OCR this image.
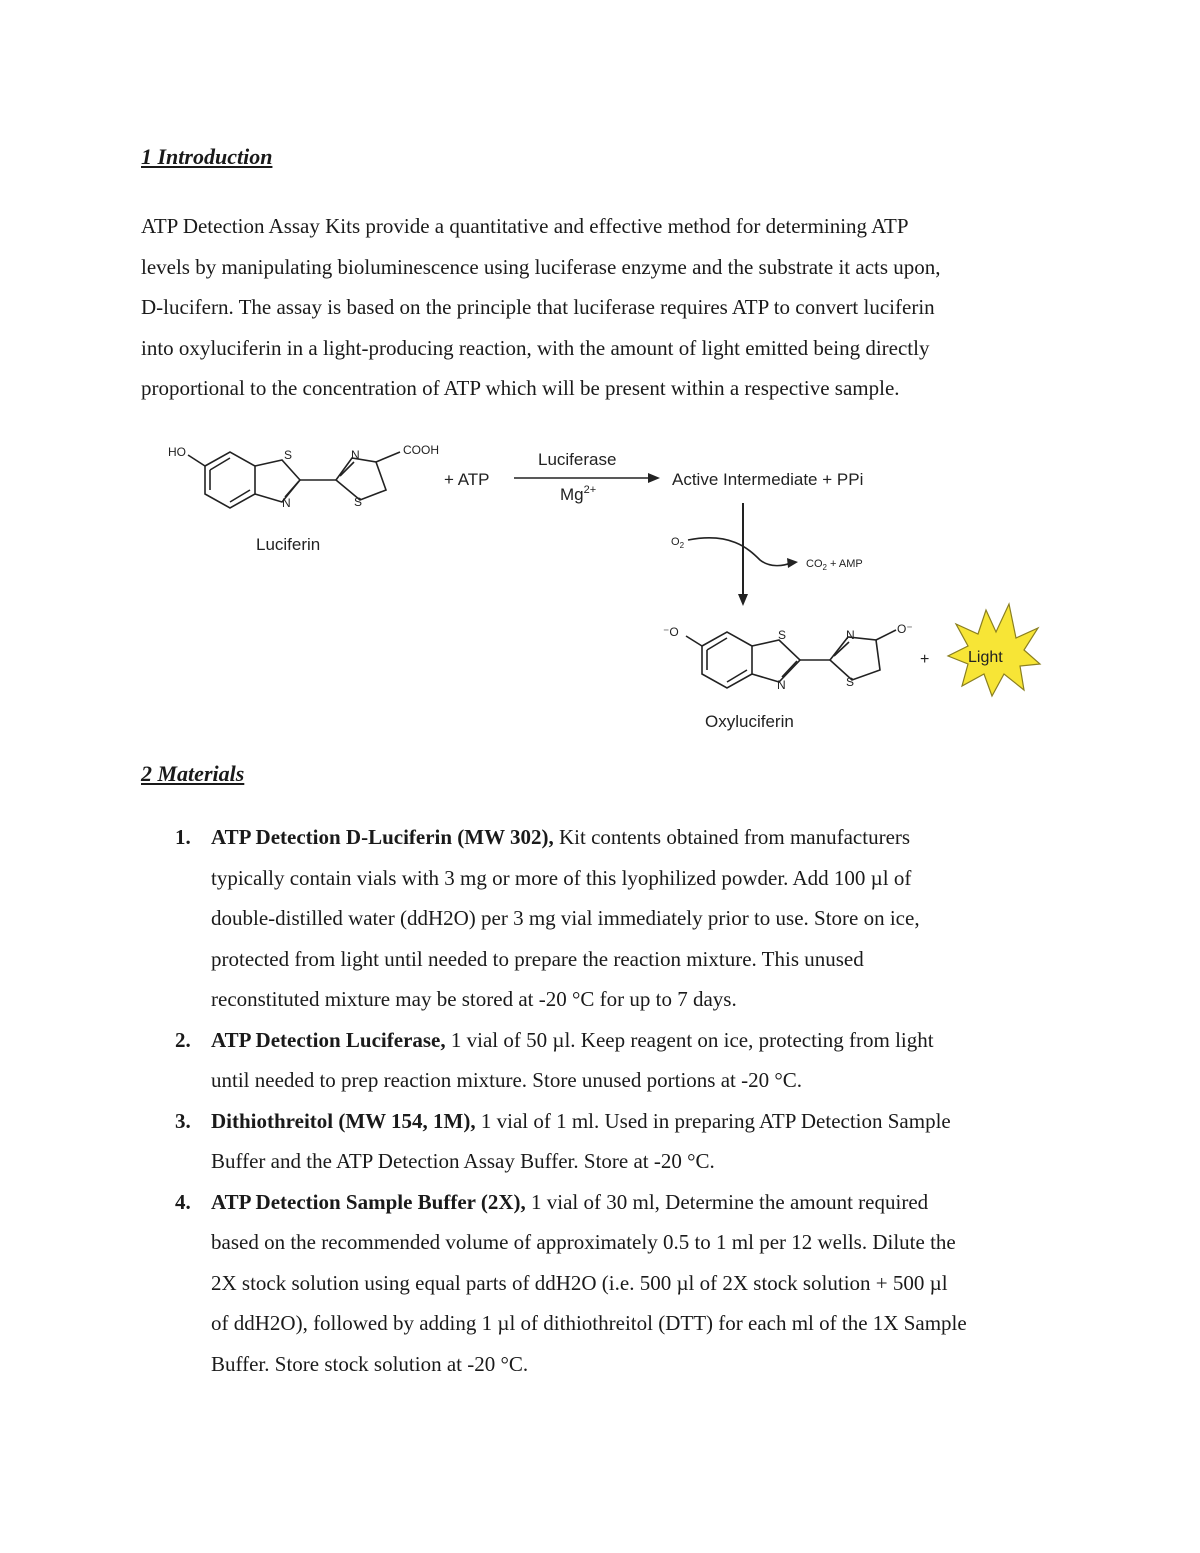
1 Introduction

ATP Detection Assay Kits provide a quantitative and effective method for determining ATP

levels by manipulating bioluminescence using luciferase enzyme and the substrate it acts upon,

D-lucifern. The assay is based on the principle that luciferase requires ATP to convert luciferin

into oxyluciferin in a light-producing reaction, with the amount of light emitted being directly

proportional to the concentration of ATP which will be present within a respective sample.

HO	S
N
N
S
COOH
+ ATP
Luciferase
$Mg^{2+}$
Active Intermediate + PPi
Luciferin	$O_2$
$CO_2$ + AMP
⁻O	S
N
N
S
O⁻
+ Light
Oxyluciferin
2 Materials
1. ATP Detection D-Luciferin (MW 302), Kit contents obtained from manufacturers
typically contain vials with 3 mg or more of this lyophilized powder. Add 100 µl of
double-distilled water (ddH2O) per 3 mg vial immediately prior to use. Store on ice,
protected from light until needed to prepare the reaction mixture. This unused
reconstituted mixture may be stored at -20 °C for up to 7 days.
2. ATP Detection Luciferase, 1 vial of 50 µl. Keep reagent on ice, protecting from light
until needed to prep reaction mixture. Store unused portions at -20 °C.
3. Dithiothreitol (MW 154, 1M), 1 vial of 1 ml. Used in preparing ATP Detection Sample
Buffer and the ATP Detection Assay Buffer. Store at -20 °C.
4. ATP Detection Sample Buffer (2X), 1 vial of 30 ml, Determine the amount required
based on the recommended volume of approximately 0.5 to 1 ml per 12 wells. Dilute the
2X stock solution using equal parts of ddH2O (i.e. 500 µl of 2X stock solution + 500 µl
of ddH2O), followed by adding 1 µl of dithiothreitol (DTT) for each ml of the 1X Sample
Buffer. Store stock solution at -20 °C.
